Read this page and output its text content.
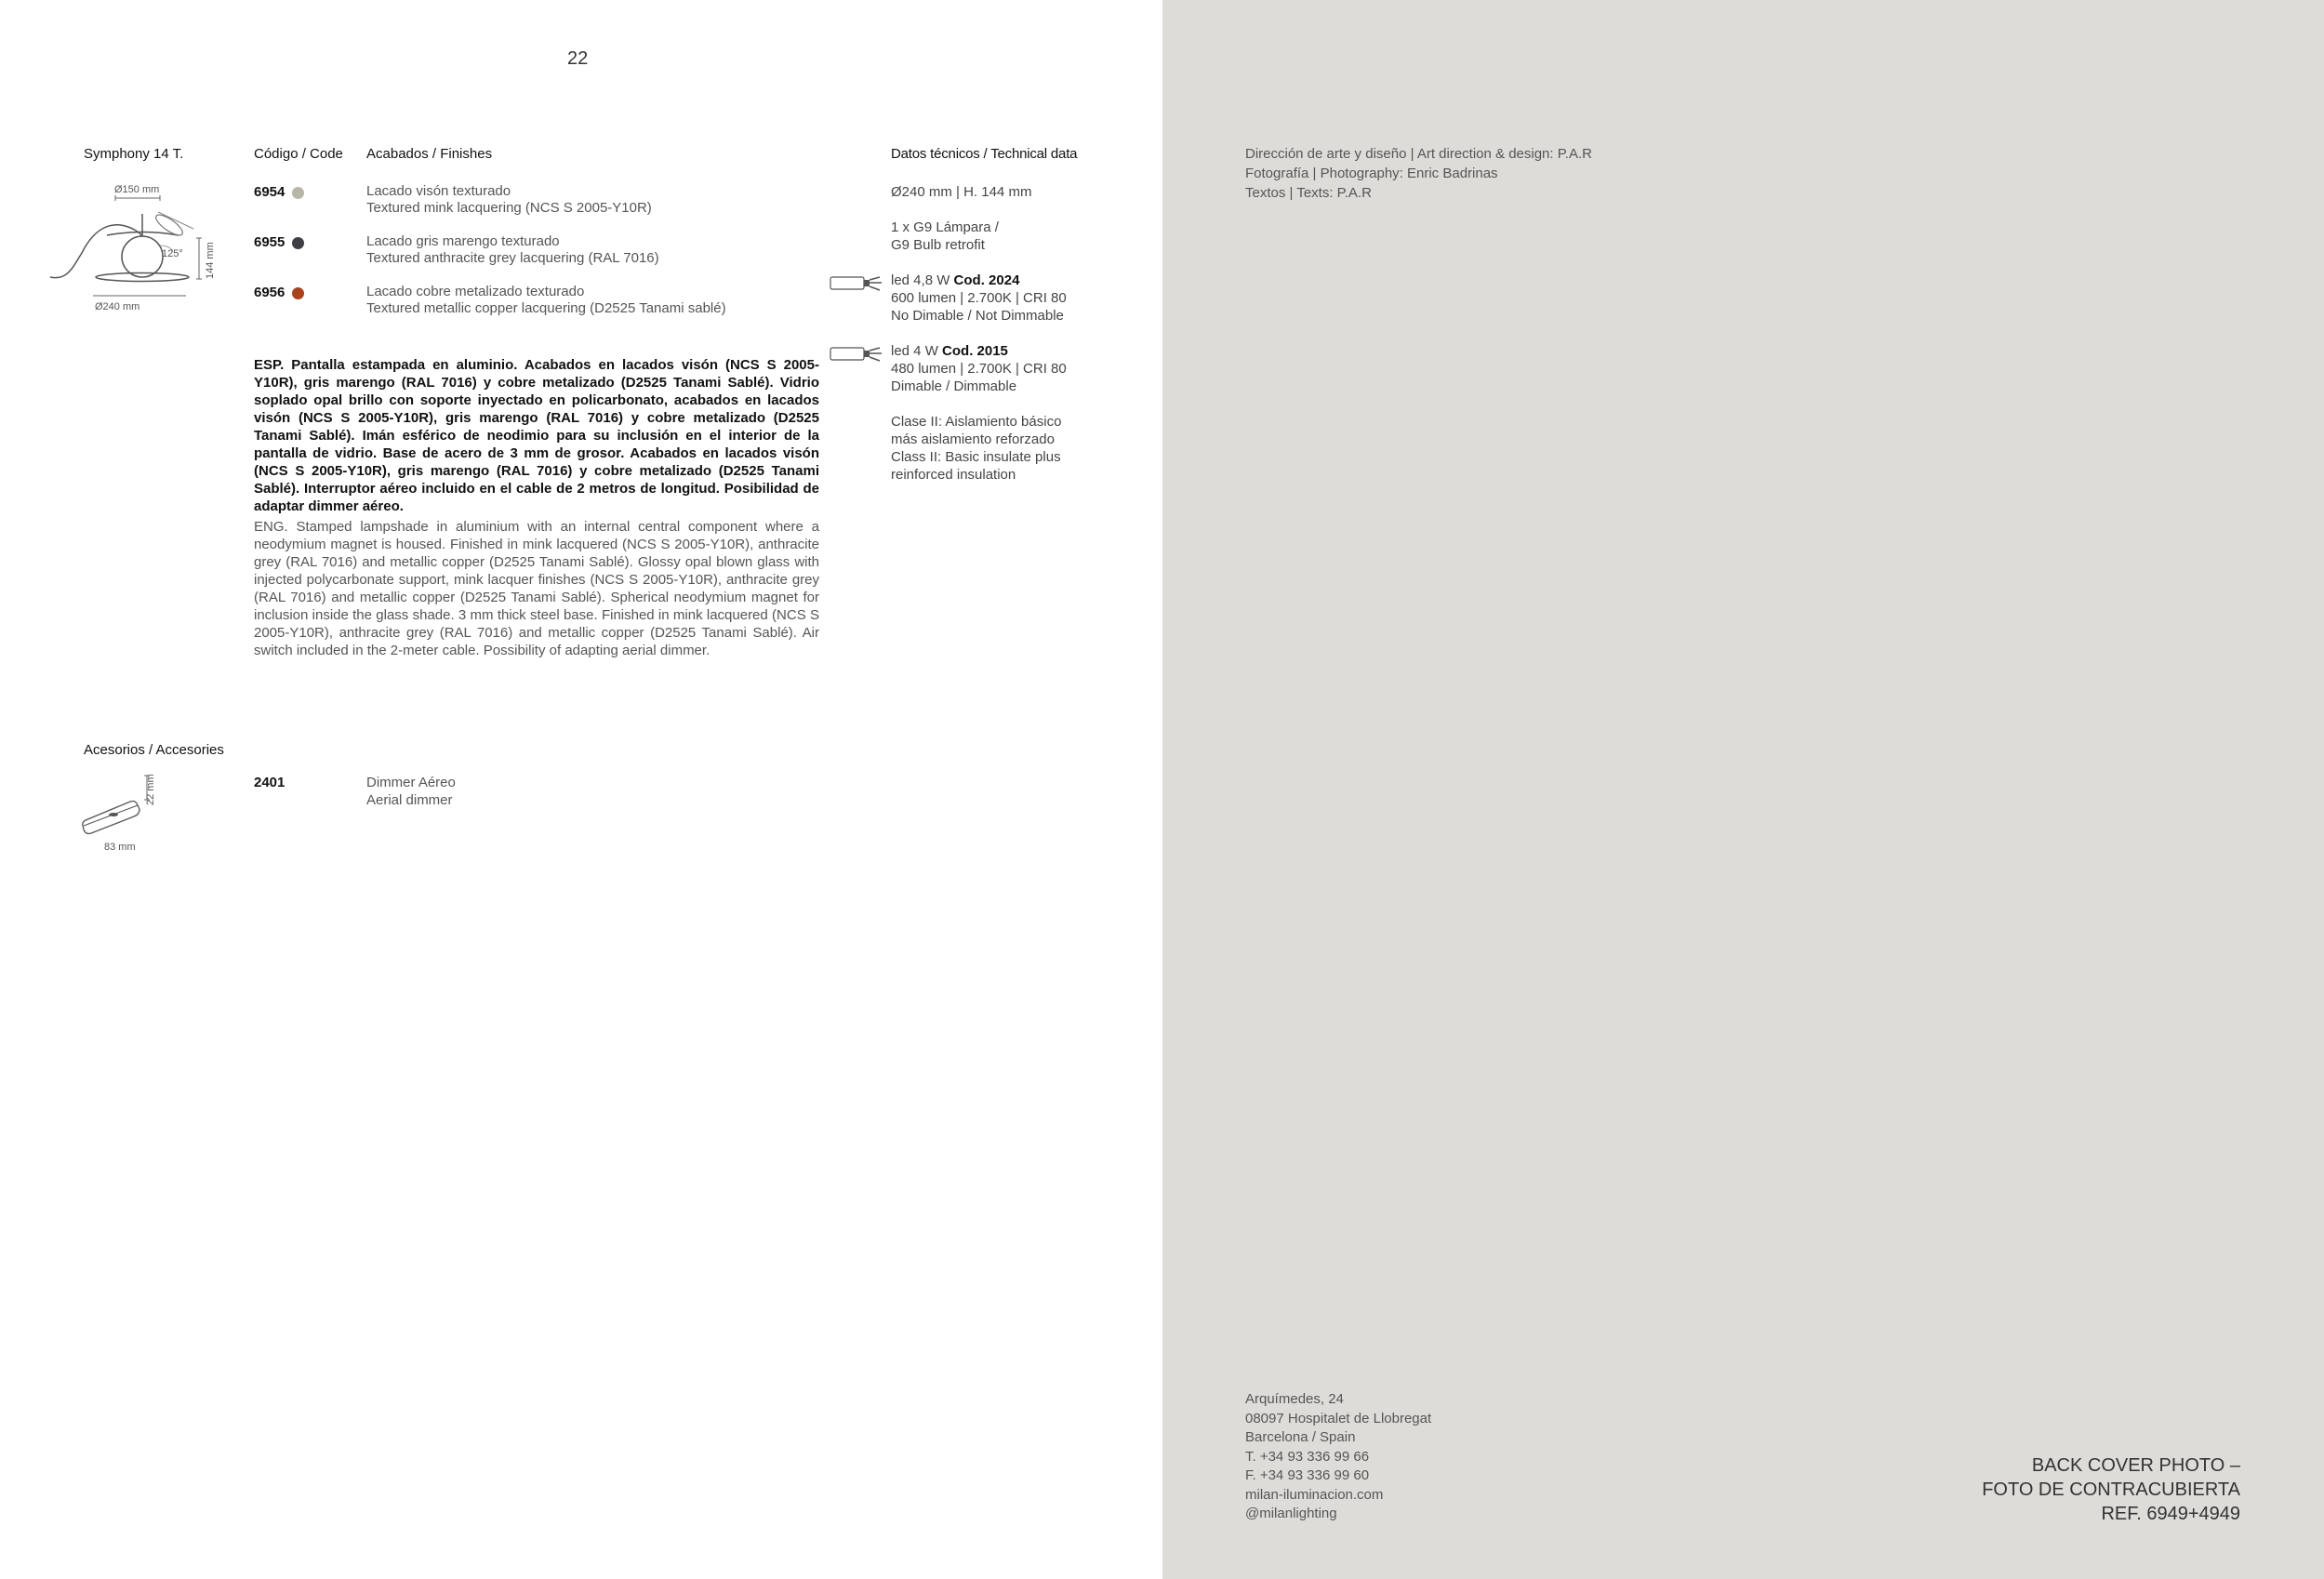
22
Symphony 14 T.	Código / Code Acabados / Finishes	Datos técnicos / Technical data
Ø150 mm
125° 144 mm
Ø240 mm
6954	Lacado visón texturado
Textured mink lacquering (NCS S 2005-Y10R)
6955	Lacado gris marengo texturado
Textured anthracite grey lacquering (RAL 7016)
6956	Lacado cobre metalizado texturado
Textured metallic copper lacquering (D2525 Tanami sablé)
ESP. Pantalla estampada en aluminio. Acabados en lacados visón (NCS S 2005-Y10R), gris marengo (RAL 7016) y cobre metalizado (D2525 Tanami Sablé). Vidrio soplado opal brillo con soporte inyectado en policarbonato, acabados en lacados visón (NCS S 2005-Y10R), gris marengo (RAL 7016) y cobre metalizado (D2525 Tanami Sablé). Imán esférico de neodimio para su inclusión en el interior de la pantalla de vidrio. Base de acero de 3 mm de grosor. Acabados en lacados visón (NCS S 2005-Y10R), gris marengo (RAL 7016) y cobre metalizado (D2525 Tanami Sablé). Interruptor aéreo incluido en el cable de 2 metros de longitud. Posibilidad de adaptar dimmer aéreo.
ENG. Stamped lampshade in aluminium with an internal central component where a neodymium magnet is housed. Finished in mink lacquered (NCS S 2005-Y10R), anthracite grey (RAL 7016) and metallic copper (D2525 Tanami Sablé). Glossy opal blown glass with injected polycarbonate support, mink lacquer finishes (NCS S 2005-Y10R), anthracite grey (RAL 7016) and metallic copper (D2525 Tanami Sablé). Spherical neodymium magnet for inclusion inside the glass shade. 3 mm thick steel base. Finished in mink lacquered (NCS S 2005-Y10R), anthracite grey (RAL 7016) and metallic copper (D2525 Tanami Sablé). Air switch included in the 2-meter cable. Possibility of adapting aerial dimmer.
Ø240 mm | H. 144 mm
1 x G9 Lámpara /
G9 Bulb retrofit
led 4,8 W Cod. 2024
600 lumen | 2.700K | CRI 80
No Dimable / Not Dimmable
led 4 W Cod. 2015
480 lumen | 2.700K | CRI 80
Dimable / Dimmable
Clase II: Aislamiento básico
más aislamiento reforzado
Class II: Basic insulate plus
reinforced insulation
Acesorios / Accesories
22 mm
83 mm
2401	Dimmer Aéreo
Aerial dimmer
Dirección de arte y diseño | Art direction & design: P.A.R
Fotografía | Photography: Enric Badrinas
Textos | Texts: P.A.R
Arquímedes, 24
08097 Hospitalet de Llobregat
Barcelona / Spain
T. +34 93 336 99 66
F. +34 93 336 99 60
milan-iluminacion.com
@milanlighting
BACK COVER PHOTO –
FOTO DE CONTRACUBIERTA
REF. 6949+4949
